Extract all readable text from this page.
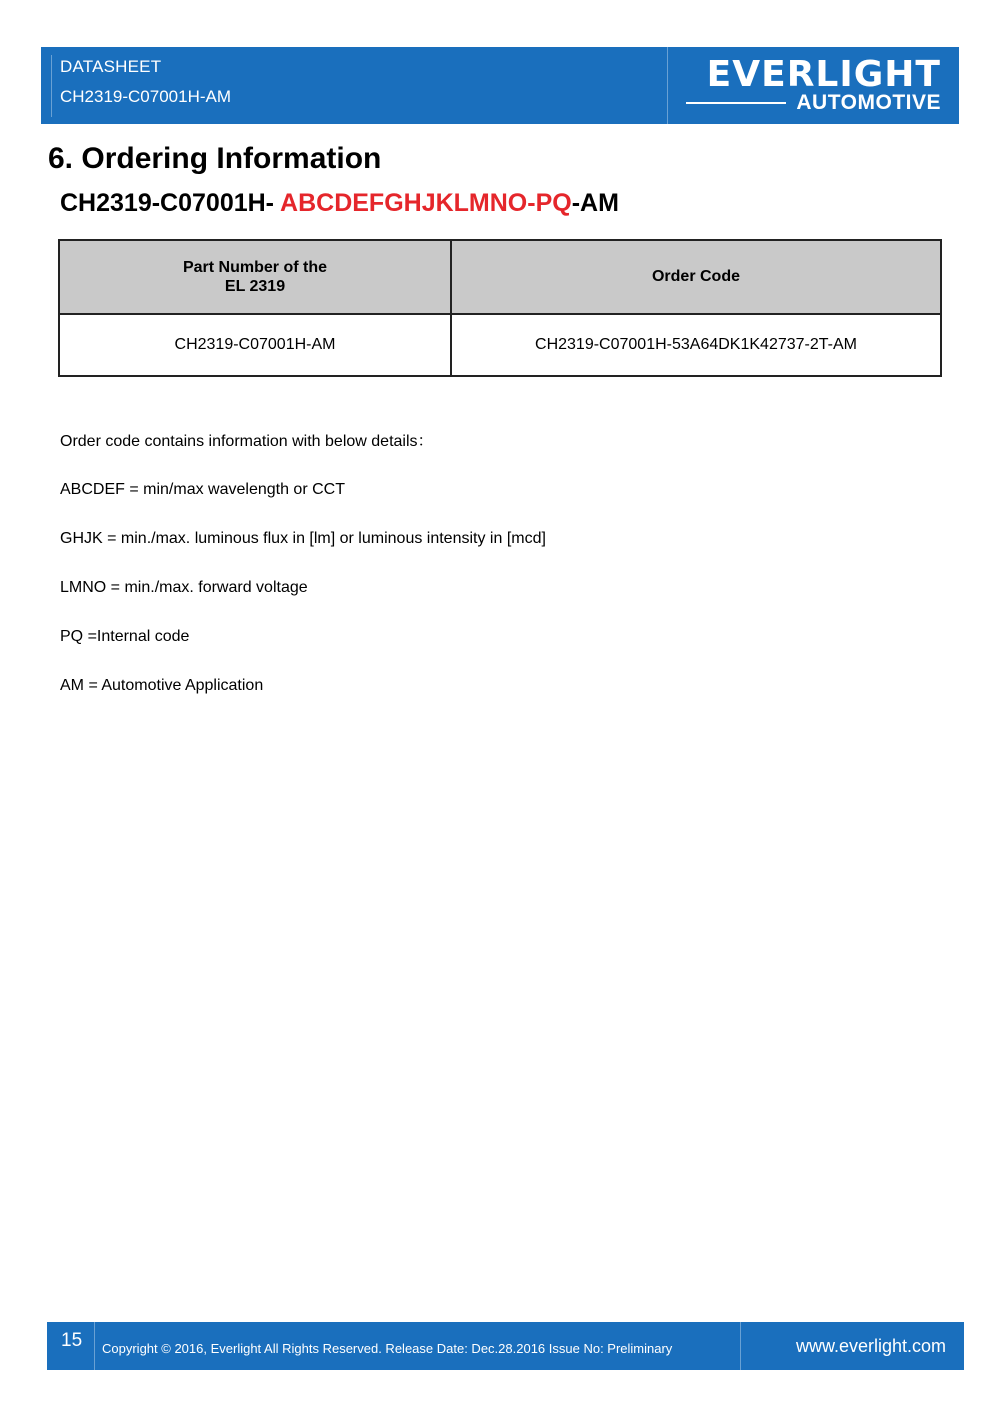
DATASHEET
CH2319-C07001H-AM
EVERLIGHT
AUTOMOTIVE
6. Ordering Information
CH2319-C07001H- ABCDEFGHJKLMNO-PQ-AM
Part Number of the
EL 2319	Order Code
CH2319-C07001H-AM	CH2319-C07001H-53A64DK1K42737-2T-AM

Order code contains information with below details：

ABCDEF = min/max wavelength or CCT

GHJK = min./max. luminous flux in [lm] or luminous intensity in [mcd]

LMNO = min./max. forward voltage

PQ =Internal code

AM = Automotive Application

15 Copyright © 2016, Everlight All Rights Reserved. Release Date: Dec.28.2016 Issue No: Preliminary	www.everlight.com
